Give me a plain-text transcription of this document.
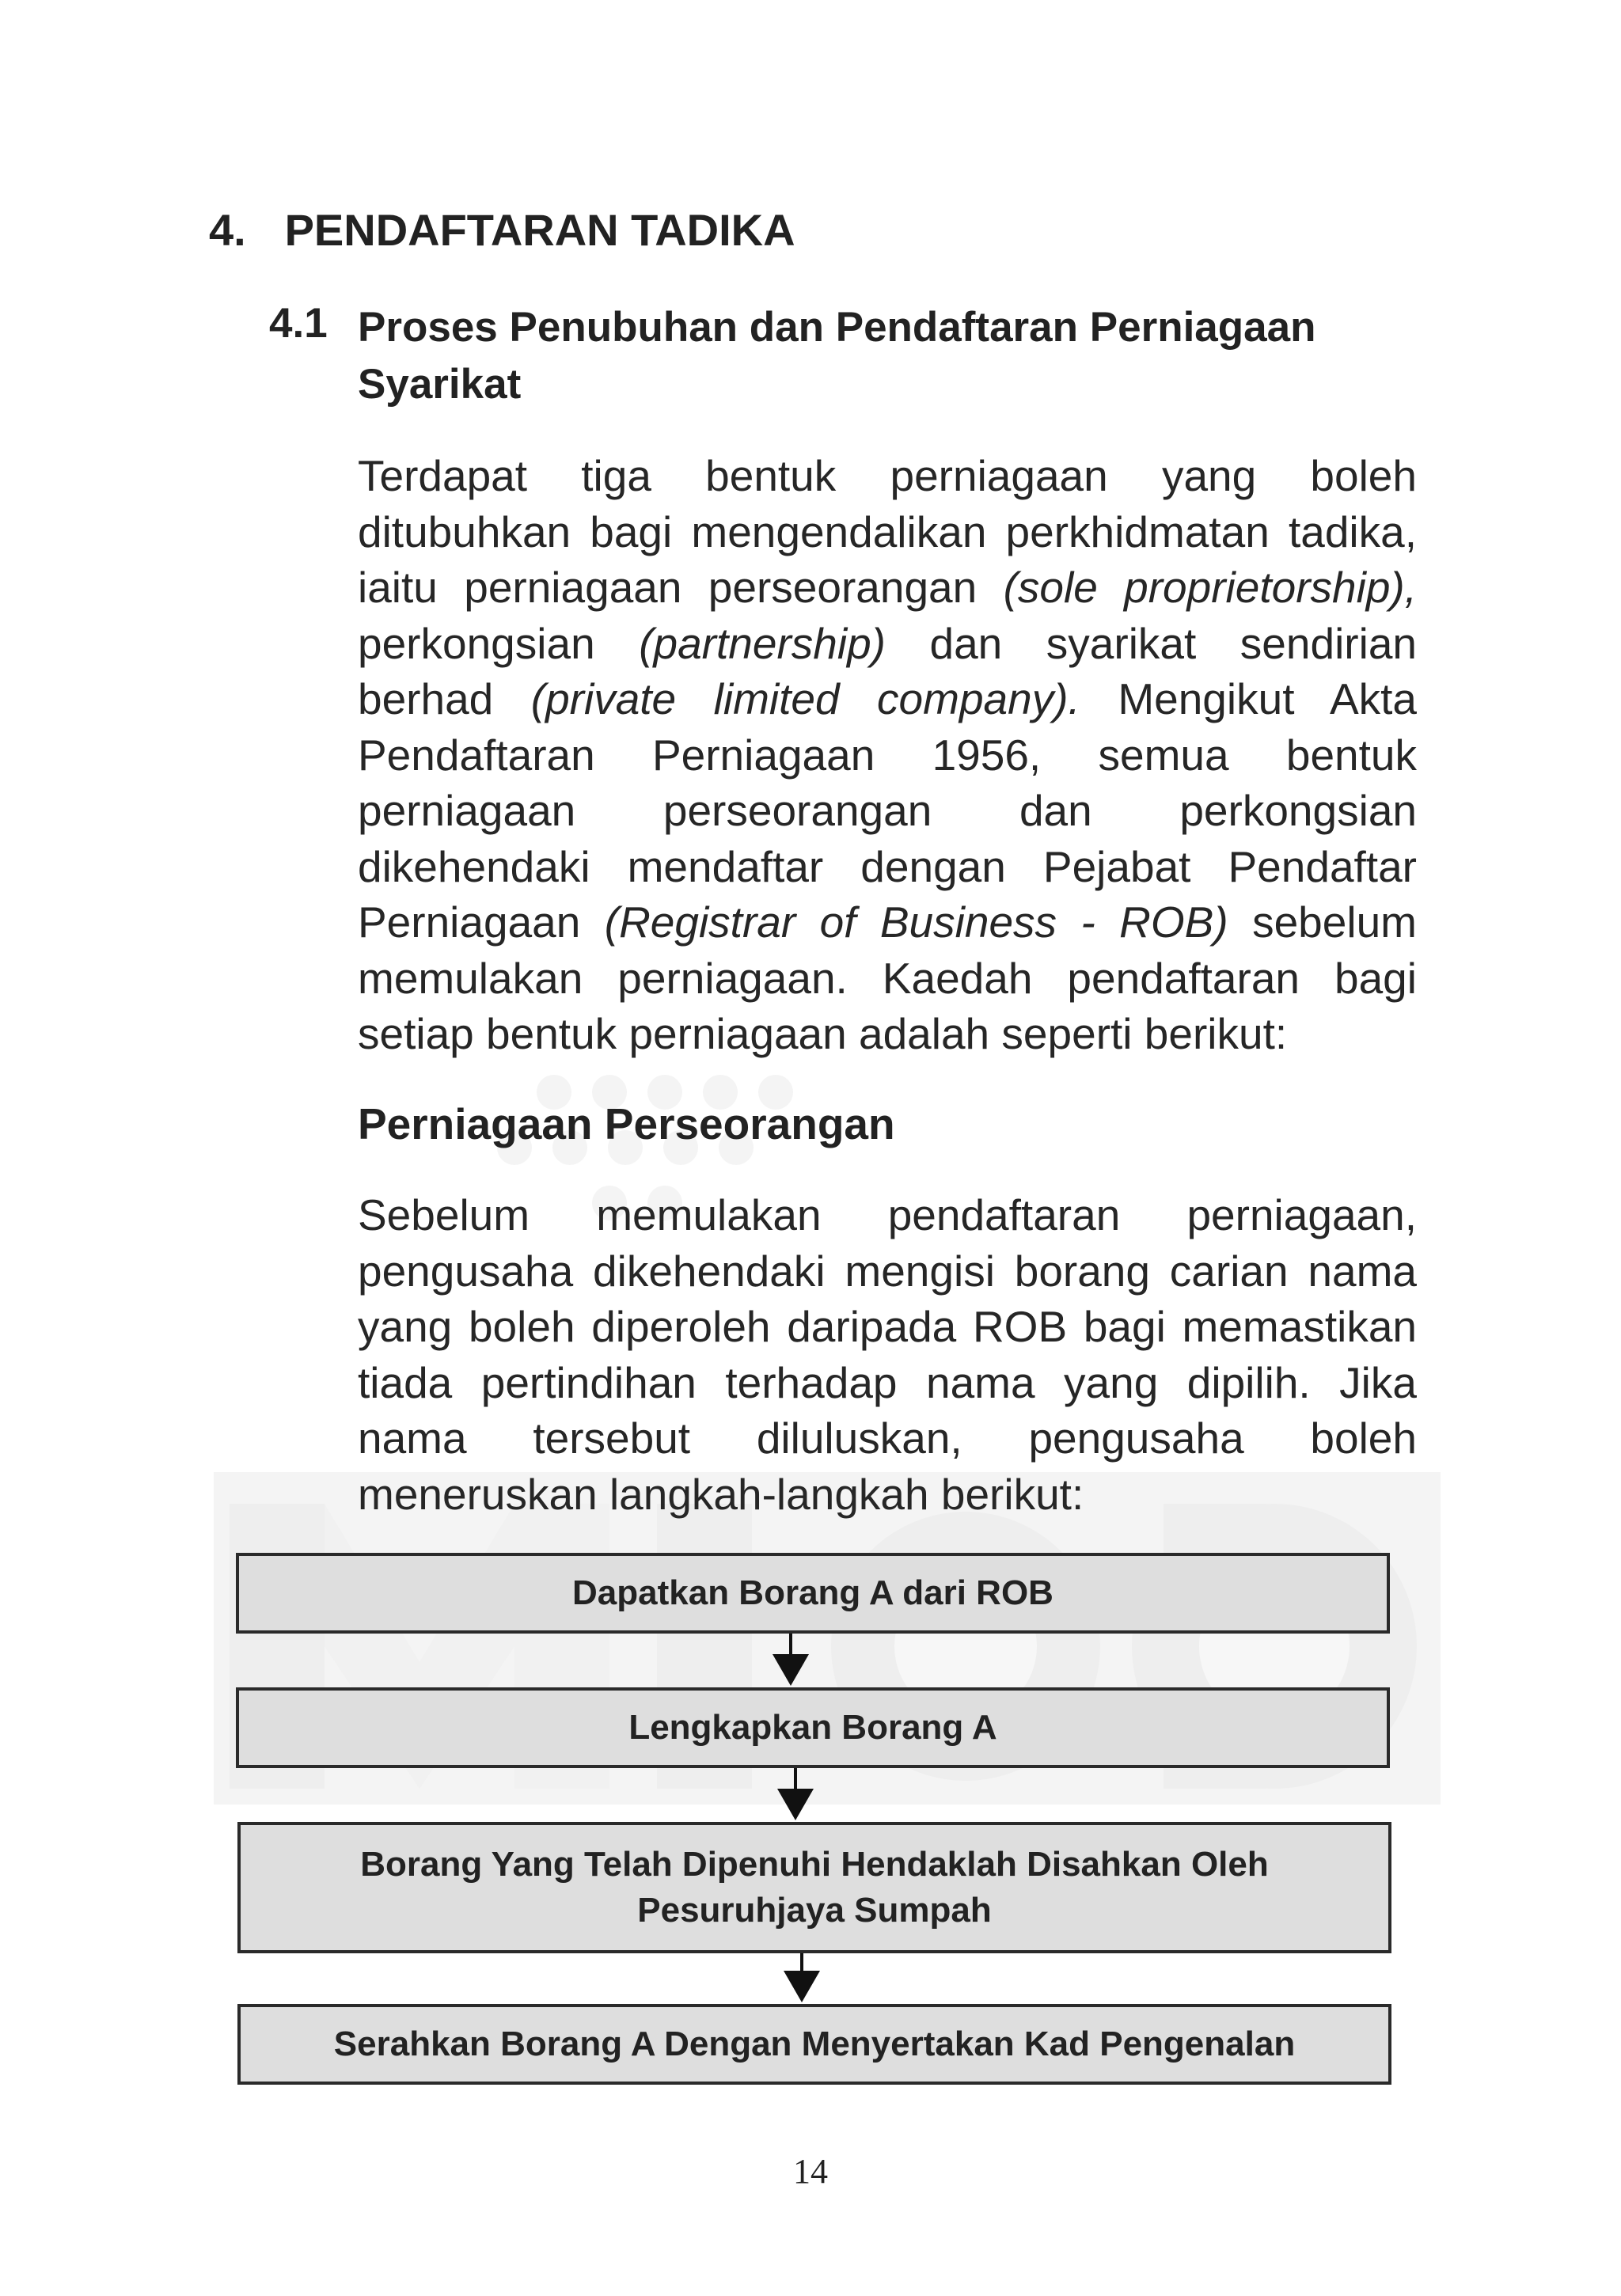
4. PENDAFTARAN TADIKA
4.1 Proses Penubuhan dan Pendaftaran Perniagaan Syarikat

Terdapat tiga bentuk perniagaan yang boleh ditubuhkan bagi mengendalikan perkhidmatan tadika, iaitu perniagaan perseorangan (sole proprietorship), perkongsian (partnership) dan syarikat sendirian berhad (private limited company). Mengikut Akta Pendaftaran Perniagaan 1956, semua bentuk perniagaan perseorangan dan perkongsian dikehendaki mendaftar dengan Pejabat Pendaftar Perniagaan (Registrar of Business - ROB) sebelum memulakan perniagaan. Kaedah pendaftaran bagi setiap bentuk perniagaan adalah seperti berikut:

Perniagaan Perseorangan

Sebelum memulakan pendaftaran perniagaan, pengusaha dikehendaki mengisi borang carian nama yang boleh diperoleh daripada ROB bagi memastikan tiada pertindihan terhadap nama yang dipilih. Jika nama tersebut diluluskan, pengusaha boleh meneruskan langkah-langkah berikut:

Dapatkan Borang A dari ROB
Lengkapkan Borang A
Borang Yang Telah Dipenuhi Hendaklah Disahkan Oleh Pesuruhjaya Sumpah
Serahkan Borang A Dengan Menyertakan Kad Pengenalan
14
